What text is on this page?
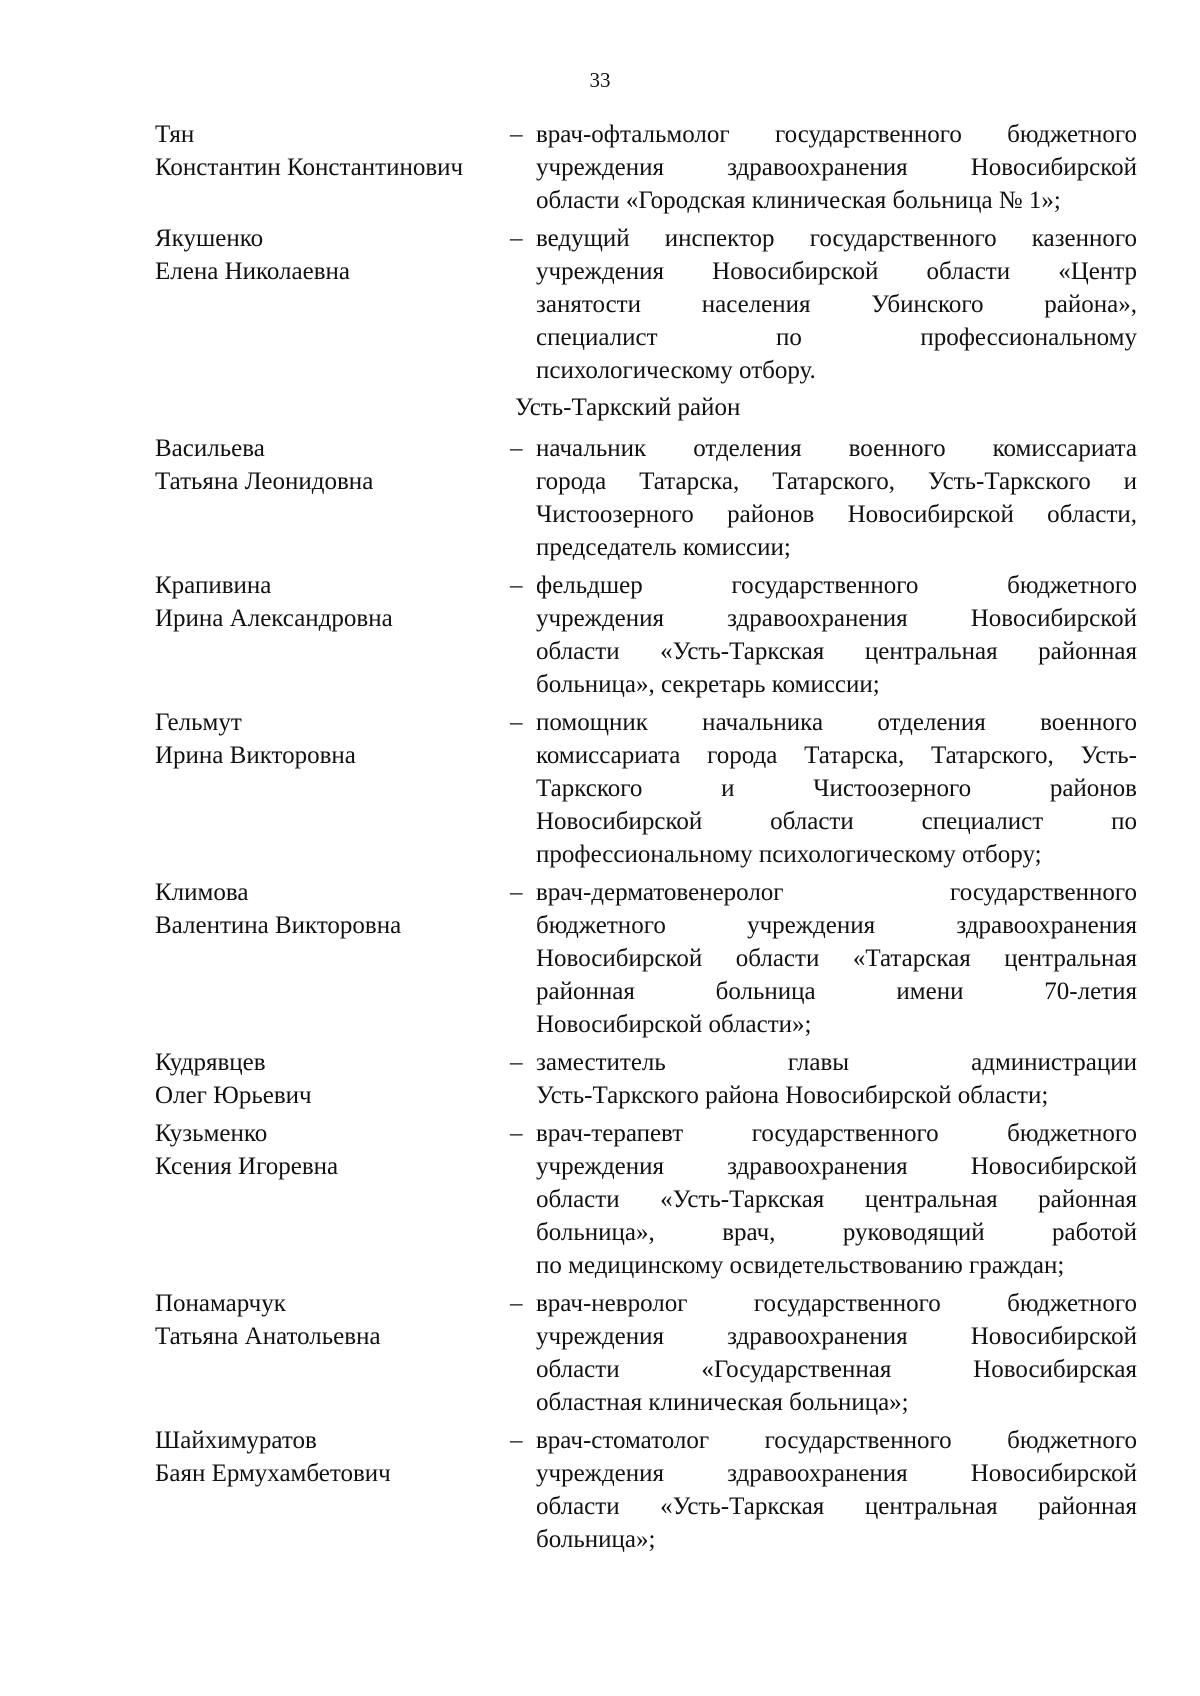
33
Тян
Константин Константинович
– врач-офтальмолог государственного бюджетного
учреждения здравоохранения Новосибирской
области «Городская клиническая больница № 1»;
Якушенко
Елена Николаевна
– ведущий инспектор государственного казенного
учреждения Новосибирской области «Центр
занятости населения Убинского района»,
специалист по профессиональному
психологическому отбору.
Усть-Таркский район
Васильева
Татьяна Леонидовна
– начальник отделения военного комиссариата
города Татарска, Татарского, Усть-Таркского и
Чистоозерного районов Новосибирской области,
председатель комиссии;
Крапивина
Ирина Александровна
– фельдшер государственного бюджетного
учреждения здравоохранения Новосибирской
области «Усть-Таркская центральная районная
больница», секретарь комиссии;
Гельмут
Ирина Викторовна
– помощник начальника отделения военного
комиссариата города Татарска, Татарского, Усть-
Таркского и Чистоозерного районов
Новосибирской области специалист по
профессиональному психологическому отбору;
Климова
Валентина Викторовна
– врач-дерматовенеролог государственного
бюджетного учреждения здравоохранения
Новосибирской области «Татарская центральная
районная больница имени 70-летия
Новосибирской области»;
Кудрявцев
Олег Юрьевич
– заместитель главы администрации
Усть-Таркского района Новосибирской области;
Кузьменко
Ксения Игоревна
– врач-терапевт государственного бюджетного
учреждения здравоохранения Новосибирской
области «Усть-Таркская центральная районная
больница», врач, руководящий работой
по медицинскому освидетельствованию граждан;
Понамарчук
Татьяна Анатольевна
– врач-невролог государственного бюджетного
учреждения здравоохранения Новосибирской
области «Государственная Новосибирская
областная клиническая больница»;
Шайхимуратов
Баян Ермухамбетович
– врач-стоматолог государственного бюджетного
учреждения здравоохранения Новосибирской
области «Усть-Таркская центральная районная
больница»;
